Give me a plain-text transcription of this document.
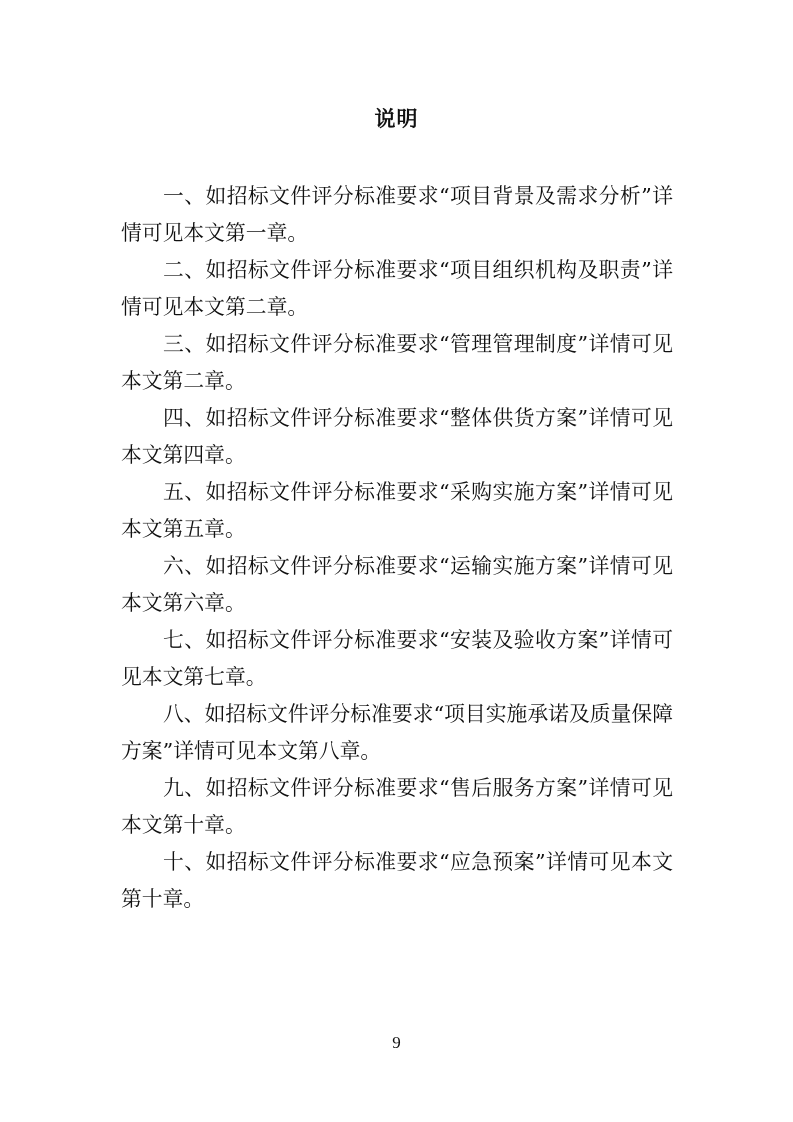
说明

一、如招标文件评分标准要求“项目背景及需求分析”详情可见本文第一章。

二、如招标文件评分标准要求“项目组织机构及职责”详情可见本文第二章。

三、如招标文件评分标准要求“管理管理制度”详情可见本文第二章。

四、如招标文件评分标准要求“整体供货方案”详情可见本文第四章。

五、如招标文件评分标准要求“采购实施方案”详情可见本文第五章。

六、如招标文件评分标准要求“运输实施方案”详情可见本文第六章。

七、如招标文件评分标准要求“安装及验收方案”详情可见本文第七章。

八、如招标文件评分标准要求“项目实施承诺及质量保障方案”详情可见本文第八章。

九、如招标文件评分标准要求“售后服务方案”详情可见本文第十章。

十、如招标文件评分标准要求“应急预案”详情可见本文第十章。

9
